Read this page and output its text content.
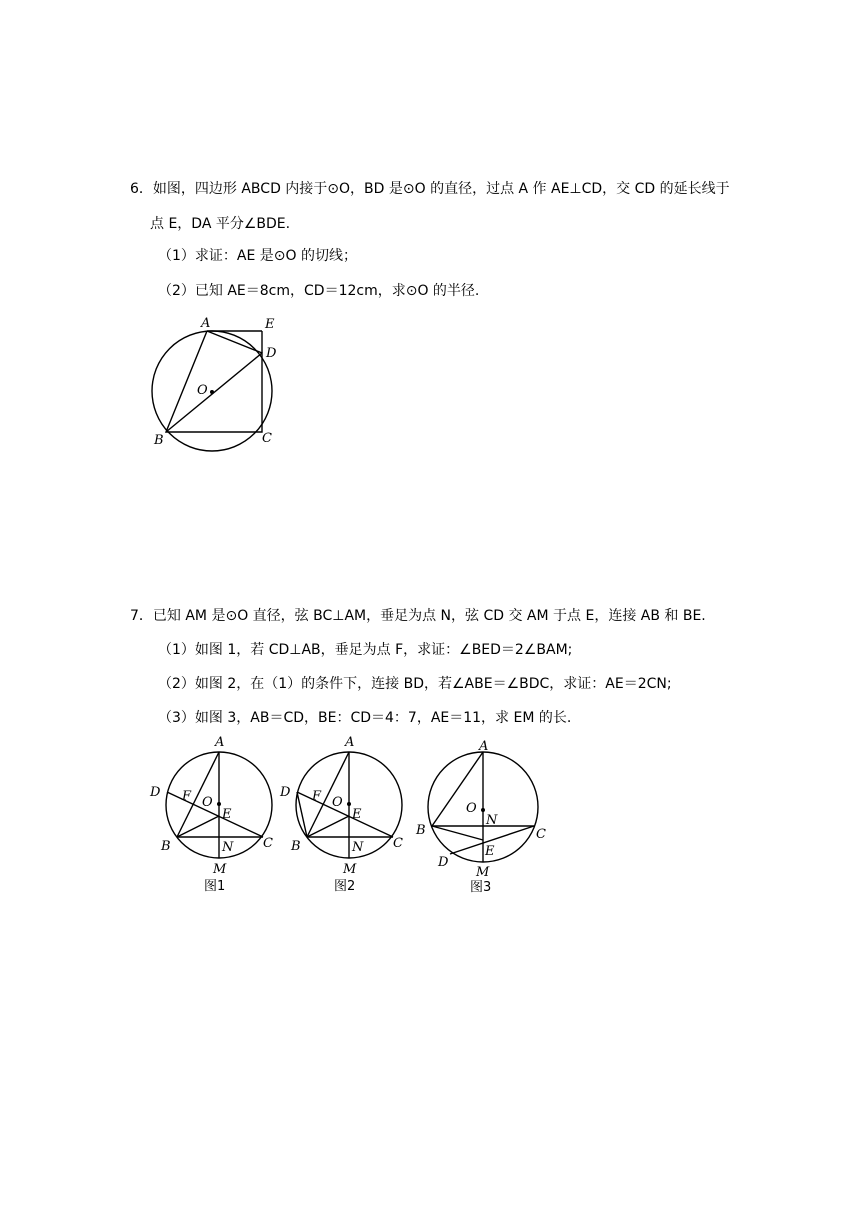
6．如图，四边形 ABCD 内接于⊙O，BD 是⊙O 的直径，过点 A 作 AE⊥CD，交 CD 的延长线于
点 E，DA 平分∠BDE.
（1）求证：AE 是⊙O 的切线；
（2）已知 AE＝8cm，CD＝12cm，求⊙O 的半径.
A	E
D
O
B	C
7．已知 AM 是⊙O 直径，弦 BC⊥AM，垂足为点 N，弦 CD 交 AM 于点 E，连接 AB 和 BE.
（1）如图 1，若 CD⊥AB，垂足为点 F，求证：∠BED＝2∠BAM;
（2）如图 2，在（1）的条件下，连接 BD，若∠ABE＝∠BDC，求证：AE＝2CN;
（3）如图 3，AB＝CD，BE：CD＝4：7，AE＝11，求 EM 的长.
A
D F O
E
B	N C
M
图1
A
D F O
E
B	N C
M
图2
A
O
N
B	C
D
E
M
图3
